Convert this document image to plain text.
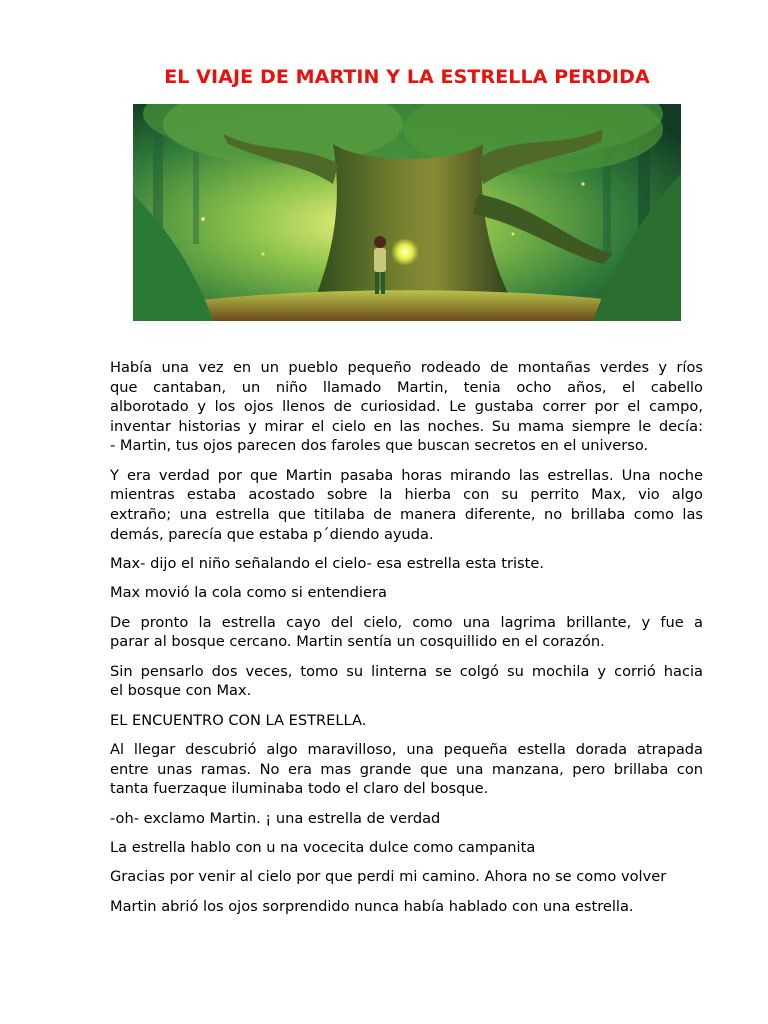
EL VIAJE DE MARTIN Y LA ESTRELLA PERDIDA

Había una vez en un pueblo pequeño rodeado de montañas verdes y ríos
que cantaban, un niño llamado Martin, tenia ocho años, el cabello
alborotado y los ojos llenos de curiosidad. Le gustaba correr por el campo,
inventar historias y mirar el cielo en las noches. Su mama siempre le decía:
- Martin, tus ojos parecen dos faroles que buscan secretos en el universo.

Y era verdad por que Martin pasaba horas mirando las estrellas. Una noche
mientras estaba acostado sobre la hierba con su perrito Max, vio algo
extraño; una estrella que titilaba de manera diferente, no brillaba como las
demás, parecía que estaba p´diendo ayuda.

Max- dijo el niño señalando el cielo- esa estrella esta triste.

Max movió la cola como si entendiera

De pronto la estrella cayo del cielo, como una lagrima brillante, y fue a
parar al bosque cercano. Martin sentía un cosquillido en el corazón.

Sin pensarlo dos veces, tomo su linterna se colgó su mochila y corrió hacia
el bosque con Max.

EL ENCUENTRO CON LA ESTRELLA.

Al llegar descubrió algo maravilloso, una pequeña estella dorada atrapada
entre unas ramas. No era mas grande que una manzana, pero brillaba con
tanta fuerzaque iluminaba todo el claro del bosque.

-oh- exclamo Martin. ¡ una estrella de verdad

La estrella hablo con u na vocecita dulce como campanita

Gracias por venir al cielo por que perdi mi camino. Ahora no se como volver

Martin abrió los ojos sorprendido nunca había hablado con una estrella.
